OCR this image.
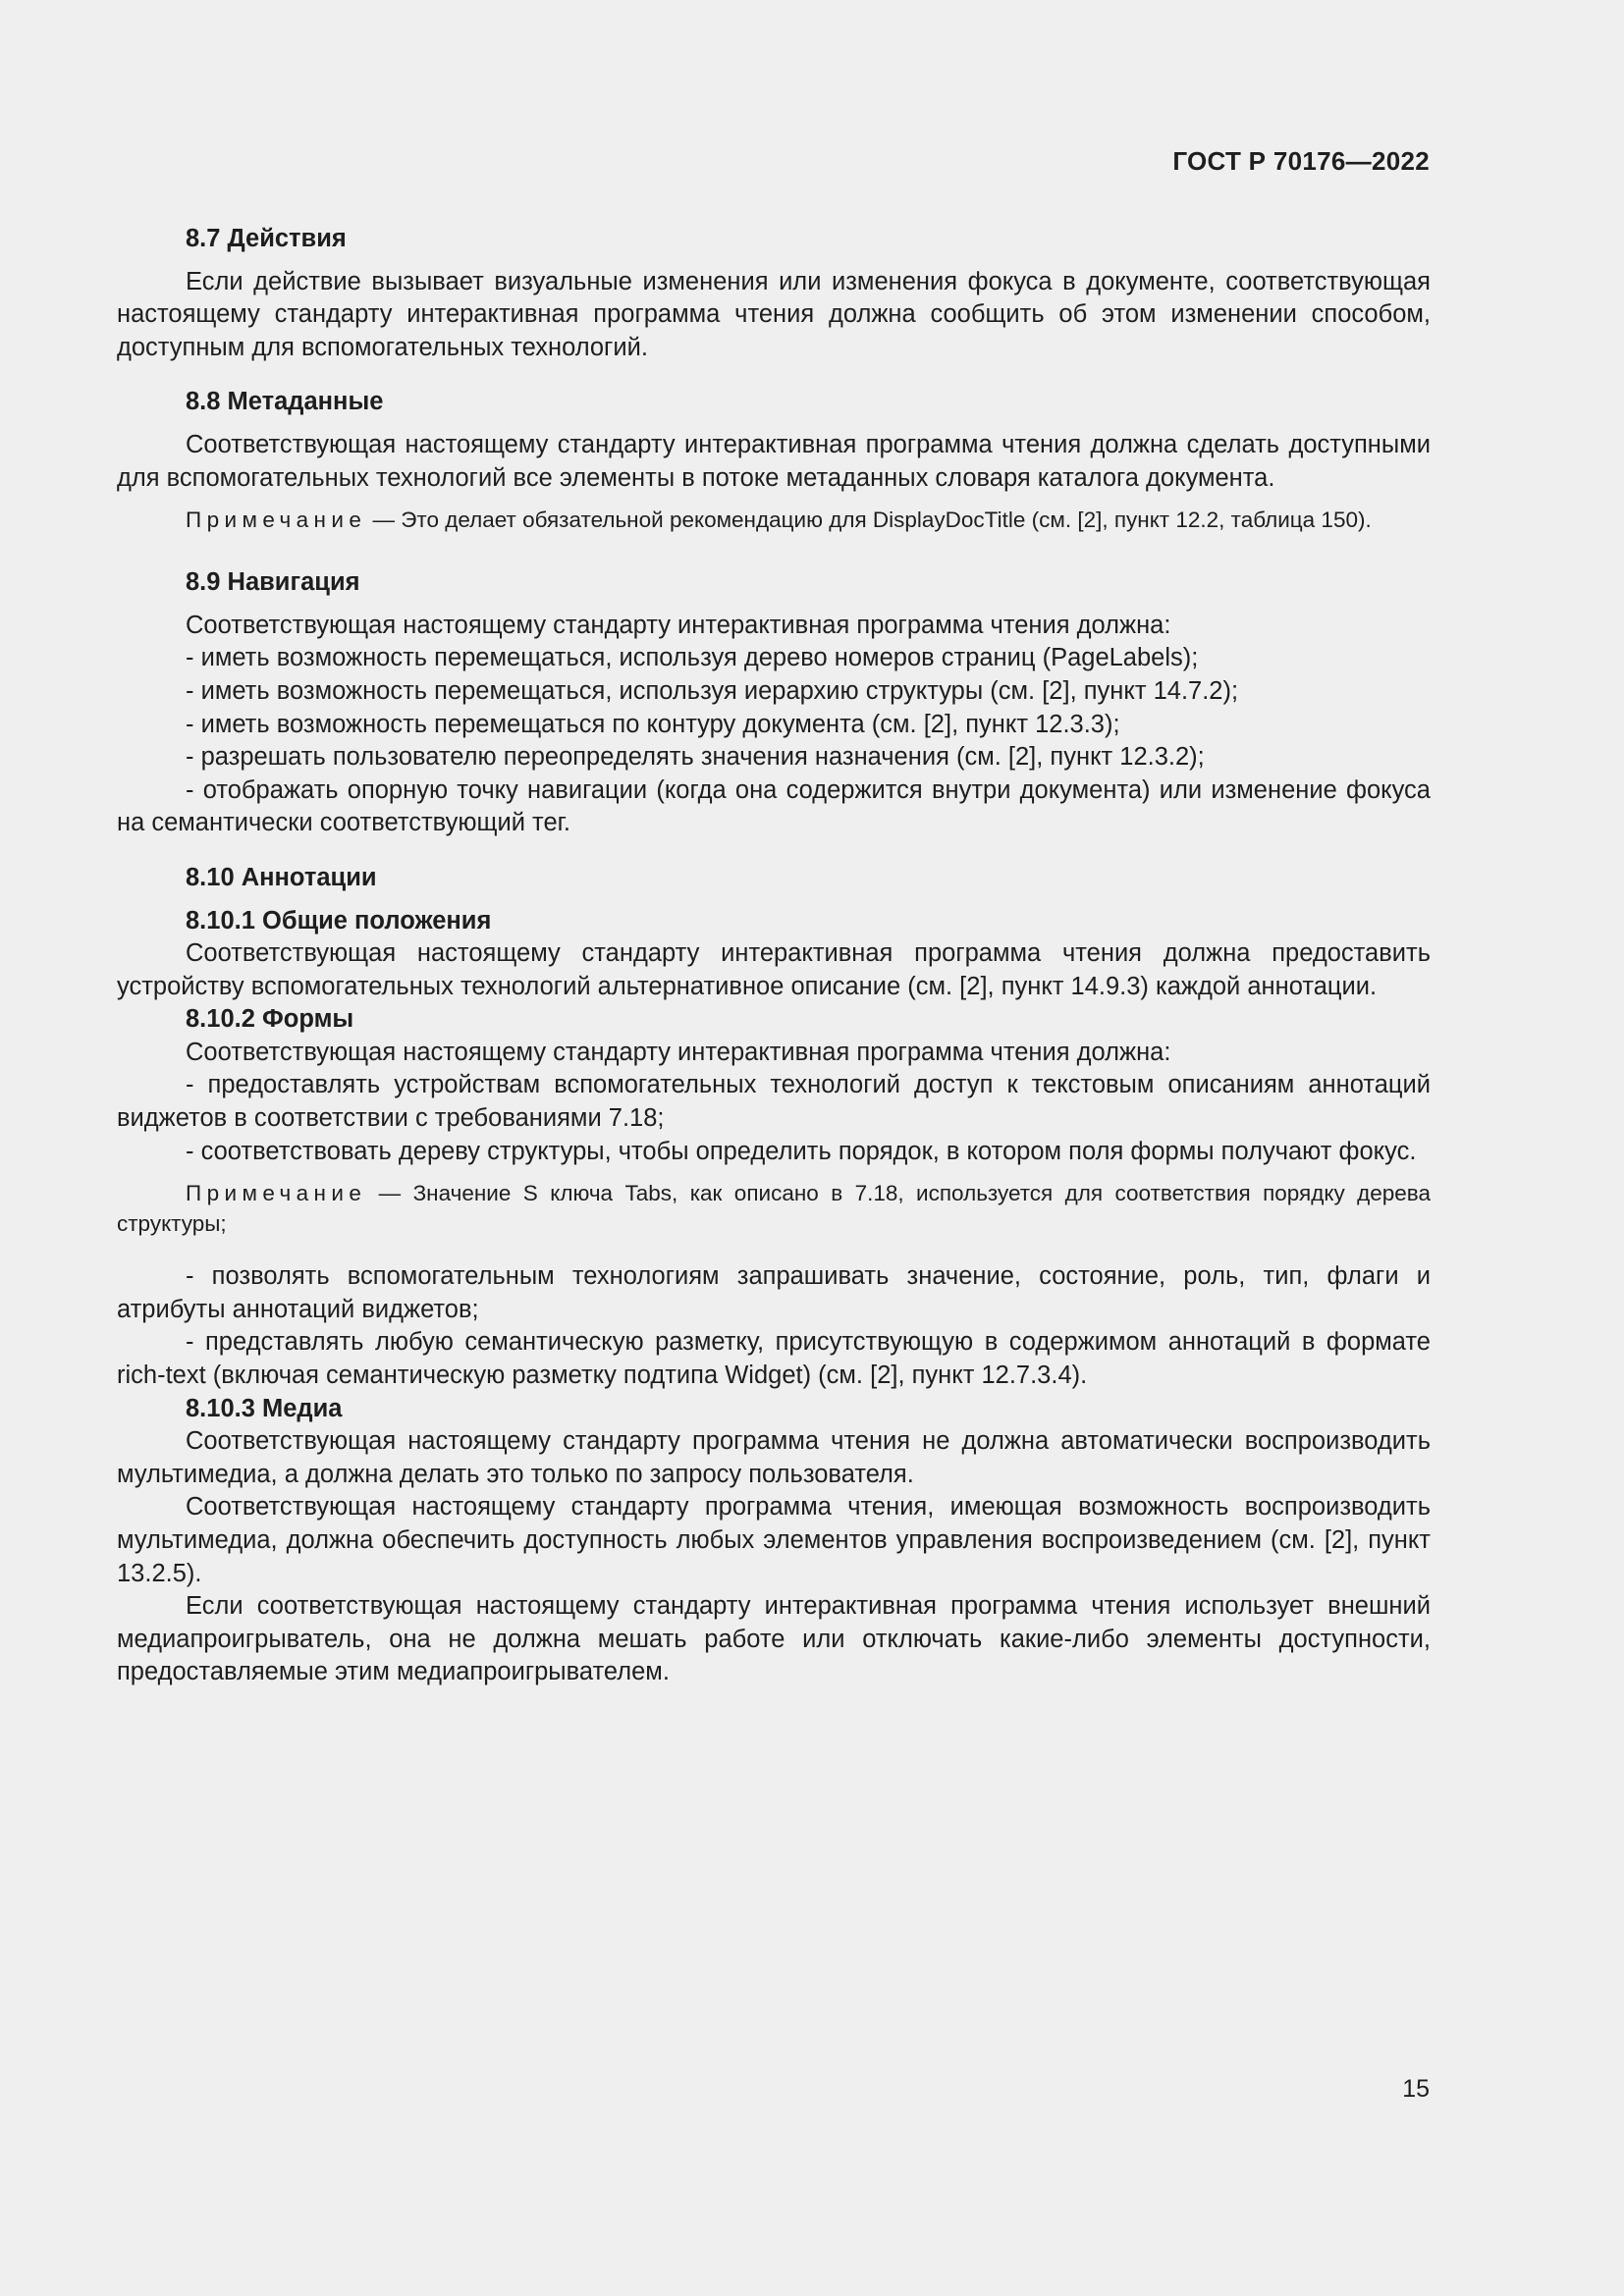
ГОСТ Р 70176—2022

8.7 Действия

Если действие вызывает визуальные изменения или изменения фокуса в документе, соответствующая настоящему стандарту интерактивная программа чтения должна сообщить об этом изменении способом, доступным для вспомогательных технологий.

8.8 Метаданные

Соответствующая настоящему стандарту интерактивная программа чтения должна сделать доступными для вспомогательных технологий все элементы в потоке метаданных словаря каталога документа.

Примечание — Это делает обязательной рекомендацию для DisplayDocTitle (см. [2], пункт 12.2, таблица 150).

8.9 Навигация

Соответствующая настоящему стандарту интерактивная программа чтения должна:

- иметь возможность перемещаться, используя дерево номеров страниц (PageLabels);

- иметь возможность перемещаться, используя иерархию структуры (см. [2], пункт 14.7.2);

- иметь возможность перемещаться по контуру документа (см. [2], пункт 12.3.3);

- разрешать пользователю переопределять значения назначения (см. [2], пункт 12.3.2);

- отображать опорную точку навигации (когда она содержится внутри документа) или изменение фокуса на семантически соответствующий тег.

8.10 Аннотации
8.10.1 Общие положения

Соответствующая настоящему стандарту интерактивная программа чтения должна предоставить устройству вспомогательных технологий альтернативное описание (см. [2], пункт 14.9.3) каждой аннотации.

8.10.2 Формы

Соответствующая настоящему стандарту интерактивная программа чтения должна:

- предоставлять устройствам вспомогательных технологий доступ к текстовым описаниям аннотаций виджетов в соответствии с требованиями 7.18;

- соответствовать дереву структуры, чтобы определить порядок, в котором поля формы получают фокус.

Примечание — Значение S ключа Tabs, как описано в 7.18, используется для соответствия порядку дерева структуры;

- позволять вспомогательным технологиям запрашивать значение, состояние, роль, тип, флаги и атрибуты аннотаций виджетов;

- представлять любую семантическую разметку, присутствующую в содержимом аннотаций в формате rich-text (включая семантическую разметку подтипа Widget) (см. [2], пункт 12.7.3.4).

8.10.3 Медиа

Соответствующая настоящему стандарту программа чтения не должна автоматически воспроизводить мультимедиа, а должна делать это только по запросу пользователя.

Соответствующая настоящему стандарту программа чтения, имеющая возможность воспроизводить мультимедиа, должна обеспечить доступность любых элементов управления воспроизведением (см. [2], пункт 13.2.5).

Если соответствующая настоящему стандарту интерактивная программа чтения использует внешний медиапроигрыватель, она не должна мешать работе или отключать какие-либо элементы доступности, предоставляемые этим медиапроигрывателем.

15
